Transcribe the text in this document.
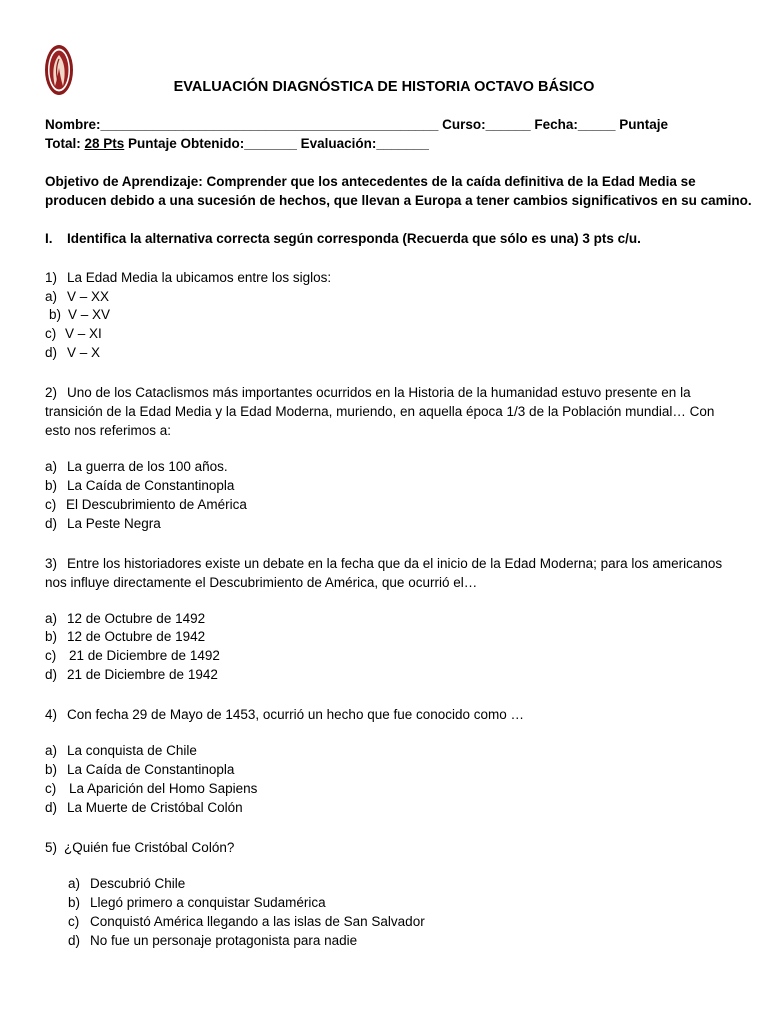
EVALUACIÓN DIAGNÓSTICA DE HISTORIA OCTAVO BÁSICO
Nombre:_____________________________________________ Curso:______ Fecha:_____ Puntaje
Total: 28 Pts Puntaje Obtenido:_______ Evaluación:_______
Objetivo de Aprendizaje: Comprender que los antecedentes de la caída definitiva de la Edad Media se
producen debido a una sucesión de hechos, que llevan a Europa a tener cambios significativos en su camino.
I. Identifica la alternativa correcta según corresponda (Recuerda que sólo es una) 3 pts c/u.
1) La Edad Media la ubicamos entre los siglos:
a) V – XX
b) V – XV
c) V – XI
d) V – X
2) Uno de los Cataclismos más importantes ocurridos en la Historia de la humanidad estuvo presente en la transición de la Edad Media y la Edad Moderna, muriendo, en aquella época 1/3 de la Población mundial… Con esto nos referimos a:
a) La guerra de los 100 años.
b) La Caída de Constantinopla
c) El Descubrimiento de América
d) La Peste Negra
3) Entre los historiadores existe un debate en la fecha que da el inicio de la Edad Moderna; para los americanos nos influye directamente el Descubrimiento de América, que ocurrió el…
a) 12 de Octubre de 1492
b) 12 de Octubre de 1942
c) 21 de Diciembre de 1492
d) 21 de Diciembre de 1942
4) Con fecha 29 de Mayo de 1453, ocurrió un hecho que fue conocido como …
a) La conquista de Chile
b) La Caída de Constantinopla
c) La Aparición del Homo Sapiens
d) La Muerte de Cristóbal Colón
5) ¿Quién fue Cristóbal Colón?
a) Descubrió Chile
b) Llegó primero a conquistar Sudamérica
c) Conquistó América llegando a las islas de San Salvador
d) No fue un personaje protagonista para nadie
